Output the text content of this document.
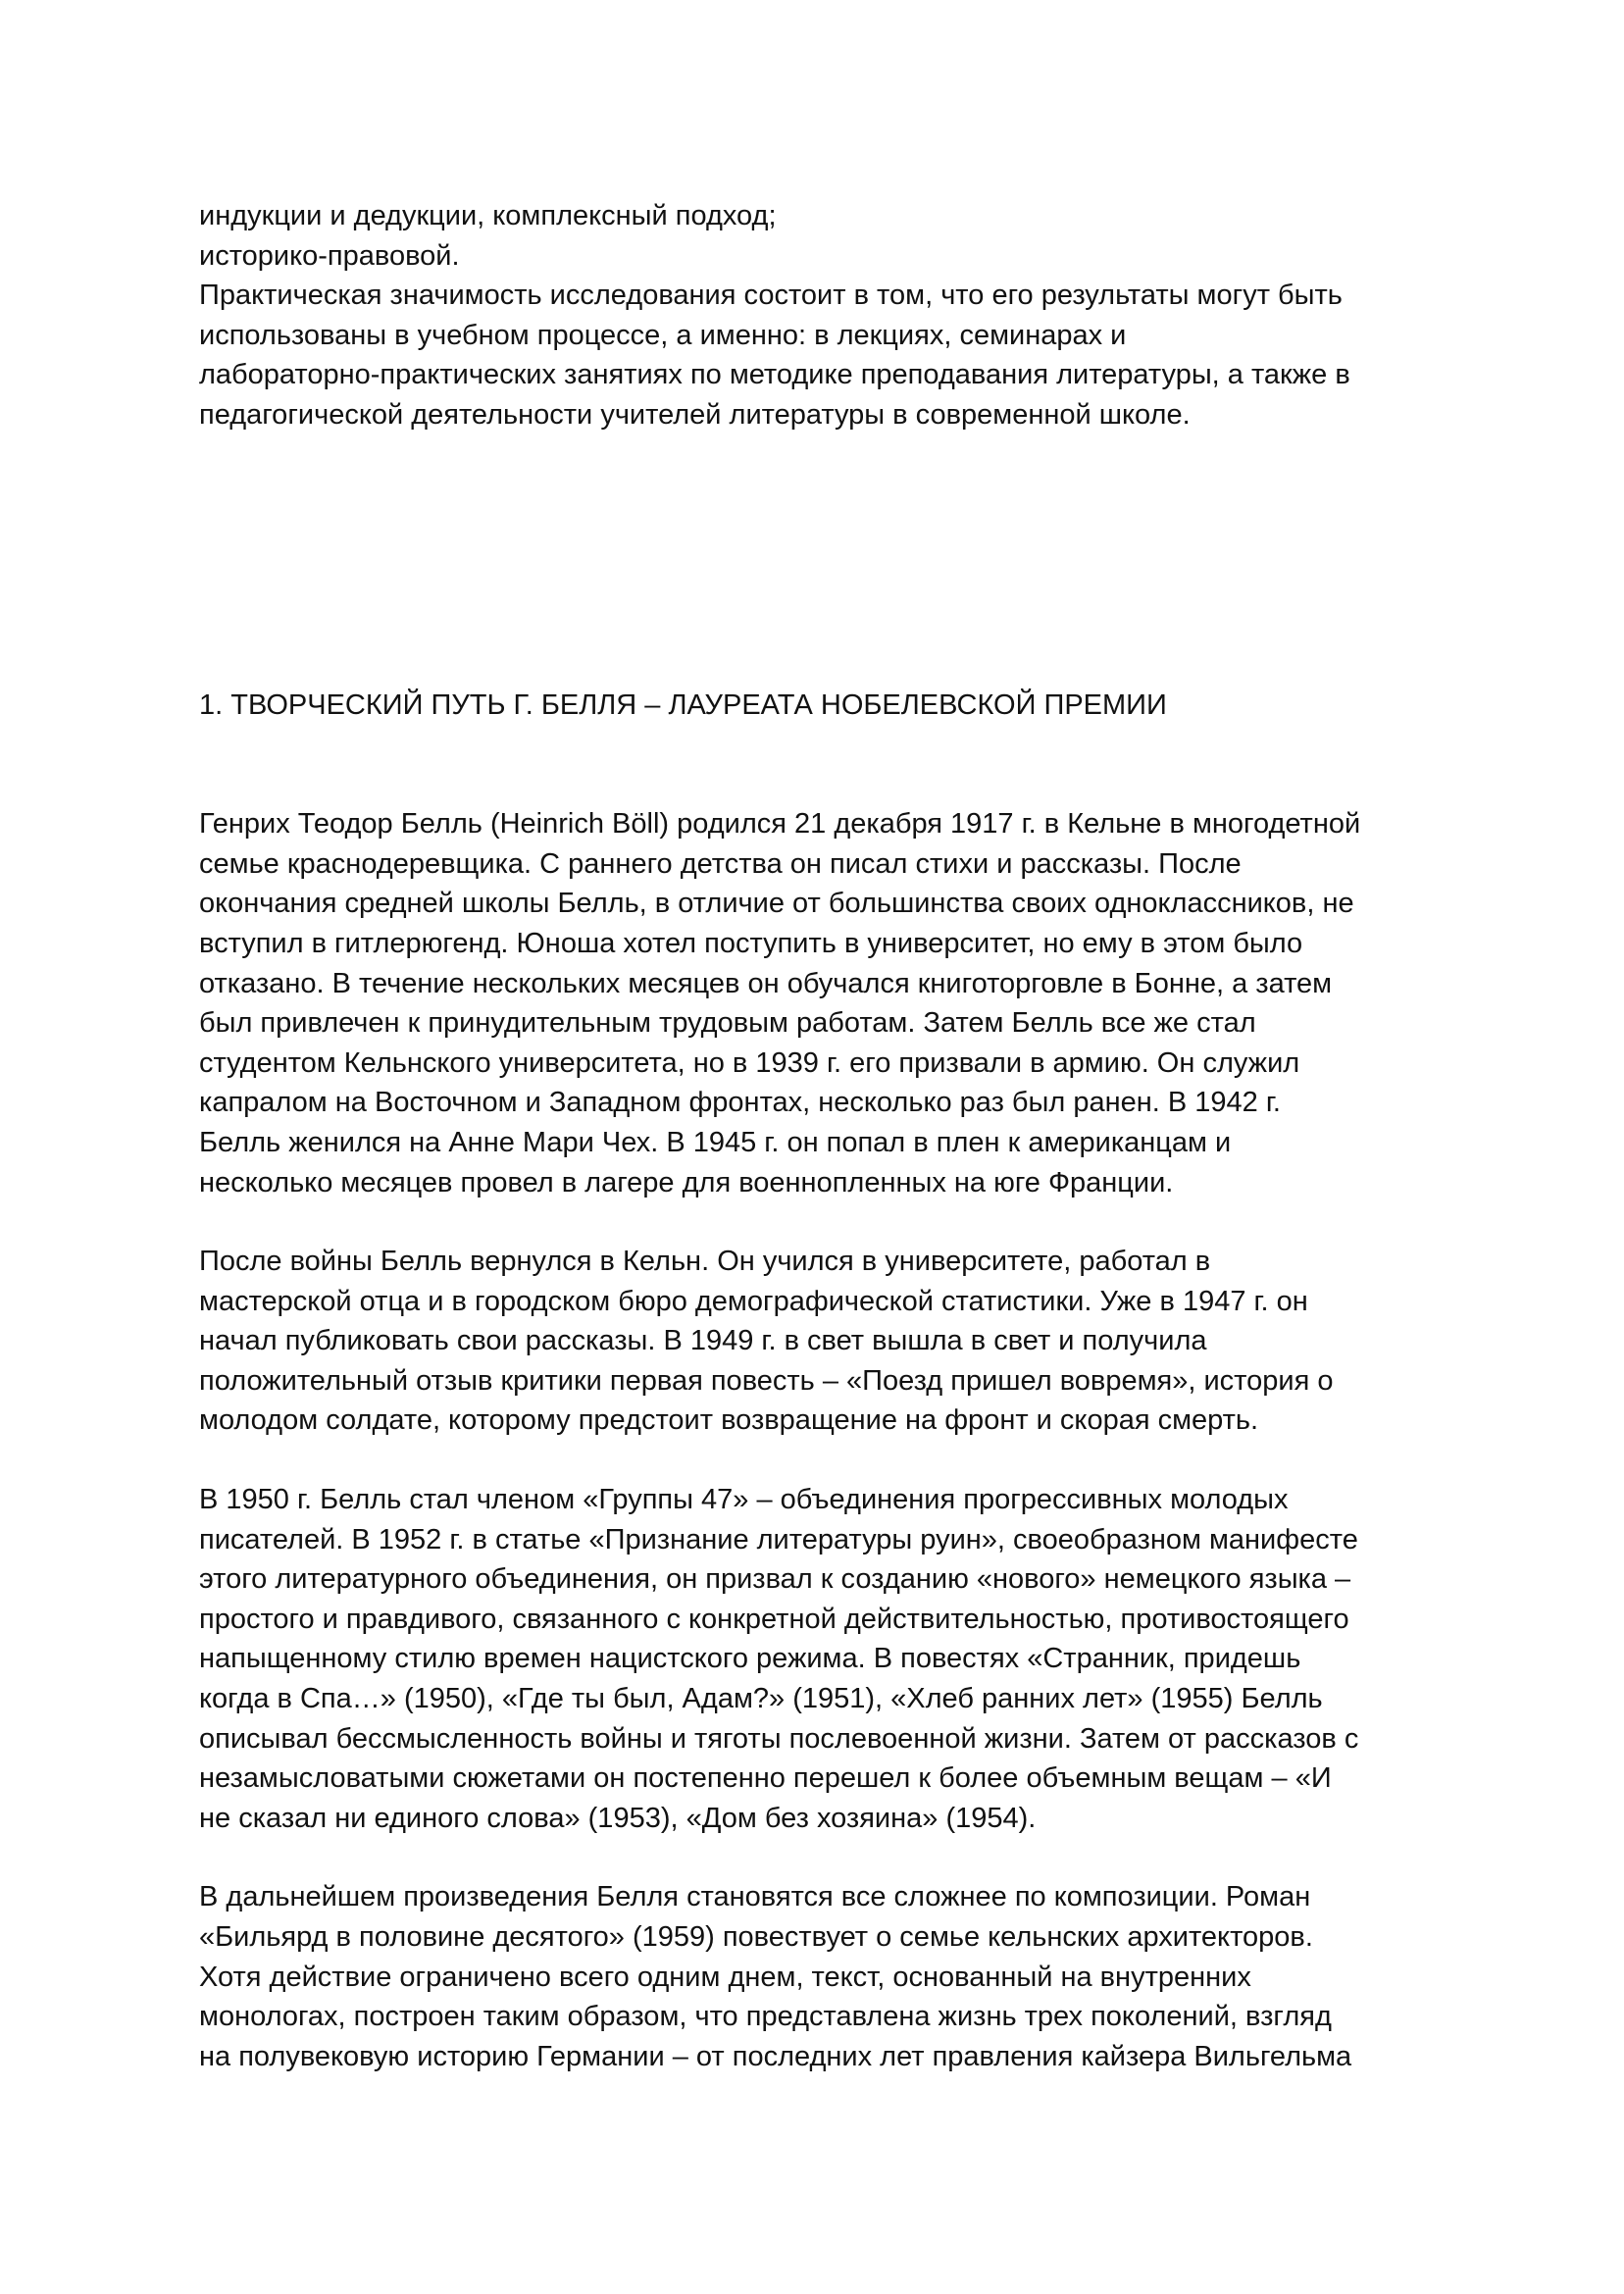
индукции и дедукции, комплексный подход;
историко-правовой.
Практическая значимость исследования состоит в том, что его результаты могут быть
использованы в учебном процессе, а именно: в лекциях, семинарах и
лабораторно-практических занятиях по методике преподавания литературы, а также в
педагогической деятельности учителей литературы в современной школе.
1. ТВОРЧЕСКИЙ ПУТЬ Г. БЕЛЛЯ – ЛАУРЕАТА НОБЕЛЕВСКОЙ ПРЕМИИ
Генрих Теодор Белль (Heinrich Böll) родился 21 декабря 1917 г. в Кельне в многодетной
семье краснодеревщика. С раннего детства он писал стихи и рассказы. После
окончания средней школы Белль, в отличие от большинства своих одноклассников, не
вступил в гитлерюгенд. Юноша хотел поступить в университет, но ему в этом было
отказано. В течение нескольких месяцев он обучался книготорговле в Бонне, а затем
был привлечен к принудительным трудовым работам. Затем Белль все же стал
студентом Кельнского университета, но в 1939 г. его призвали в армию. Он служил
капралом на Восточном и Западном фронтах, несколько раз был ранен. В 1942 г.
Белль женился на Анне Мари Чех. В 1945 г. он попал в плен к американцам и
несколько месяцев провел в лагере для военнопленных на юге Франции.
После войны Белль вернулся в Кельн. Он учился в университете, работал в
мастерской отца и в городском бюро демографической статистики. Уже в 1947 г. он
начал публиковать свои рассказы. В 1949 г. в свет вышла в свет и получила
положительный отзыв критики первая повесть – «Поезд пришел вовремя», история о
молодом солдате, которому предстоит возвращение на фронт и скорая смерть.
В 1950 г. Белль стал членом «Группы 47» – объединения прогрессивных молодых
писателей. В 1952 г. в статье «Признание литературы руин», своеобразном манифесте
этого литературного объединения, он призвал к созданию «нового» немецкого языка –
простого и правдивого, связанного с конкретной действительностью, противостоящего
напыщенному стилю времен нацистского режима. В повестях «Странник, придешь
когда в Спа…» (1950), «Где ты был, Адам?» (1951), «Хлеб ранних лет» (1955) Белль
описывал бессмысленность войны и тяготы послевоенной жизни. Затем от рассказов с
незамысловатыми сюжетами он постепенно перешел к более объемным вещам – «И
не сказал ни единого слова» (1953), «Дом без хозяина» (1954).
В дальнейшем произведения Белля становятся все сложнее по композиции. Роман
«Бильярд в половине десятого» (1959) повествует о семье кельнских архитекторов.
Хотя действие ограничено всего одним днем, текст, основанный на внутренних
монологах, построен таким образом, что представлена жизнь трех поколений, взгляд
на полувековую историю Германии – от последних лет правления кайзера Вильгельма
